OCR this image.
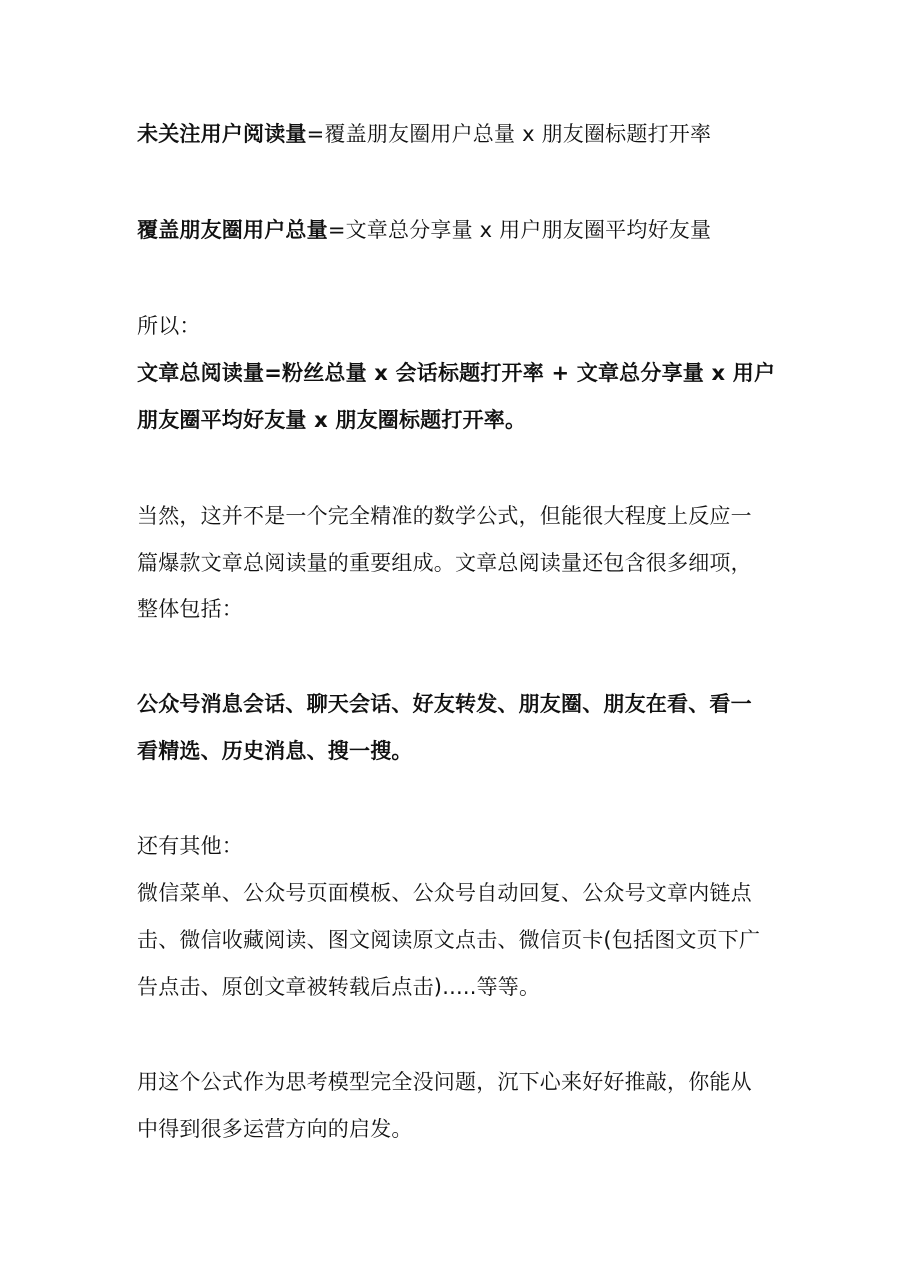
未关注用户阅读量=覆盖朋友圈用户总量 x 朋友圈标题打开率
覆盖朋友圈用户总量=文章总分享量 x 用户朋友圈平均好友量
所以：
文章总阅读量=粉丝总量 x 会话标题打开率 + 文章总分享量 x 用户
朋友圈平均好友量 x 朋友圈标题打开率。
当然，这并不是一个完全精准的数学公式，但能很大程度上反应一
篇爆款文章总阅读量的重要组成。文章总阅读量还包含很多细项，
整体包括：
公众号消息会话、聊天会话、好友转发、朋友圈、朋友在看、看一
看精选、历史消息、搜一搜。
还有其他：
微信菜单、公众号页面模板、公众号自动回复、公众号文章内链点
击、微信收藏阅读、图文阅读原文点击、微信页卡(包括图文页下广
告点击、原创文章被转载后点击).....等等。
用这个公式作为思考模型完全没问题，沉下心来好好推敲，你能从
中得到很多运营方向的启发。
